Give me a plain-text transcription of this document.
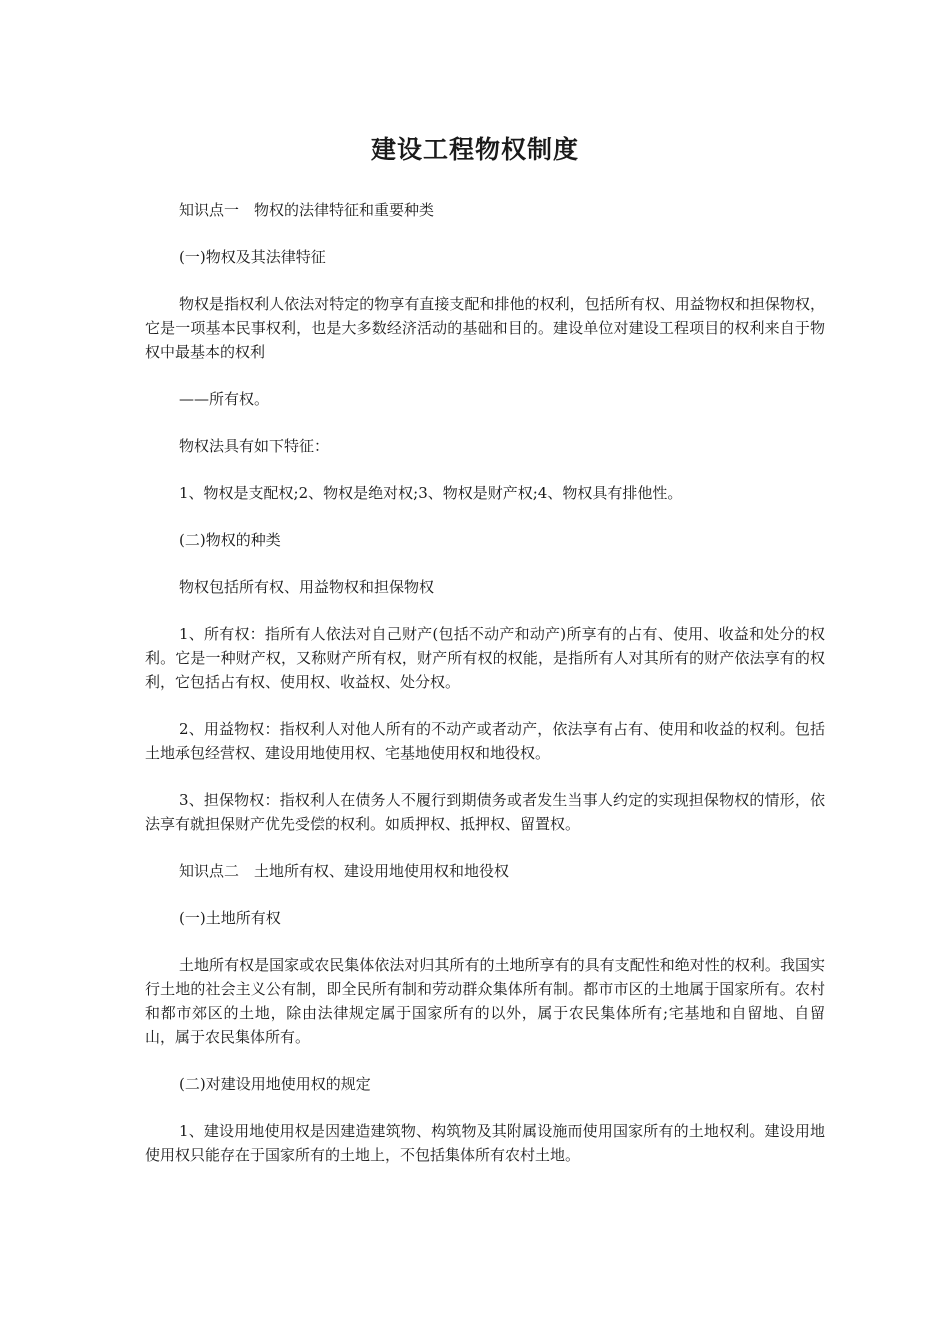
建设工程物权制度

知识点一　物权的法律特征和重要种类

(一)物权及其法律特征

物权是指权利人依法对特定的物享有直接支配和排他的权利，包括所有权、用益物权和担保物权，它是一项基本民事权利，也是大多数经济活动的基础和目的。建设单位对建设工程项目的权利来自于物权中最基本的权利

——所有权。

物权法具有如下特征：

1、物权是支配权;2、物权是绝对权;3、物权是财产权;4、物权具有排他性。

(二)物权的种类

物权包括所有权、用益物权和担保物权

1、所有权：指所有人依法对自己财产(包括不动产和动产)所享有的占有、使用、收益和处分的权利。它是一种财产权，又称财产所有权，财产所有权的权能，是指所有人对其所有的财产依法享有的权利，它包括占有权、使用权、收益权、处分权。

2、用益物权：指权利人对他人所有的不动产或者动产，依法享有占有、使用和收益的权利。包括土地承包经营权、建设用地使用权、宅基地使用权和地役权。

3、担保物权：指权利人在债务人不履行到期债务或者发生当事人约定的实现担保物权的情形，依法享有就担保财产优先受偿的权利。如质押权、抵押权、留置权。

知识点二　土地所有权、建设用地使用权和地役权

(一)土地所有权

土地所有权是国家或农民集体依法对归其所有的土地所享有的具有支配性和绝对性的权利。我国实行土地的社会主义公有制，即全民所有制和劳动群众集体所有制。都市市区的土地属于国家所有。农村和都市郊区的土地，除由法律规定属于国家所有的以外，属于农民集体所有;宅基地和自留地、自留山，属于农民集体所有。

(二)对建设用地使用权的规定

1、建设用地使用权是因建造建筑物、构筑物及其附属设施而使用国家所有的土地权利。建设用地使用权只能存在于国家所有的土地上，不包括集体所有农村土地。
